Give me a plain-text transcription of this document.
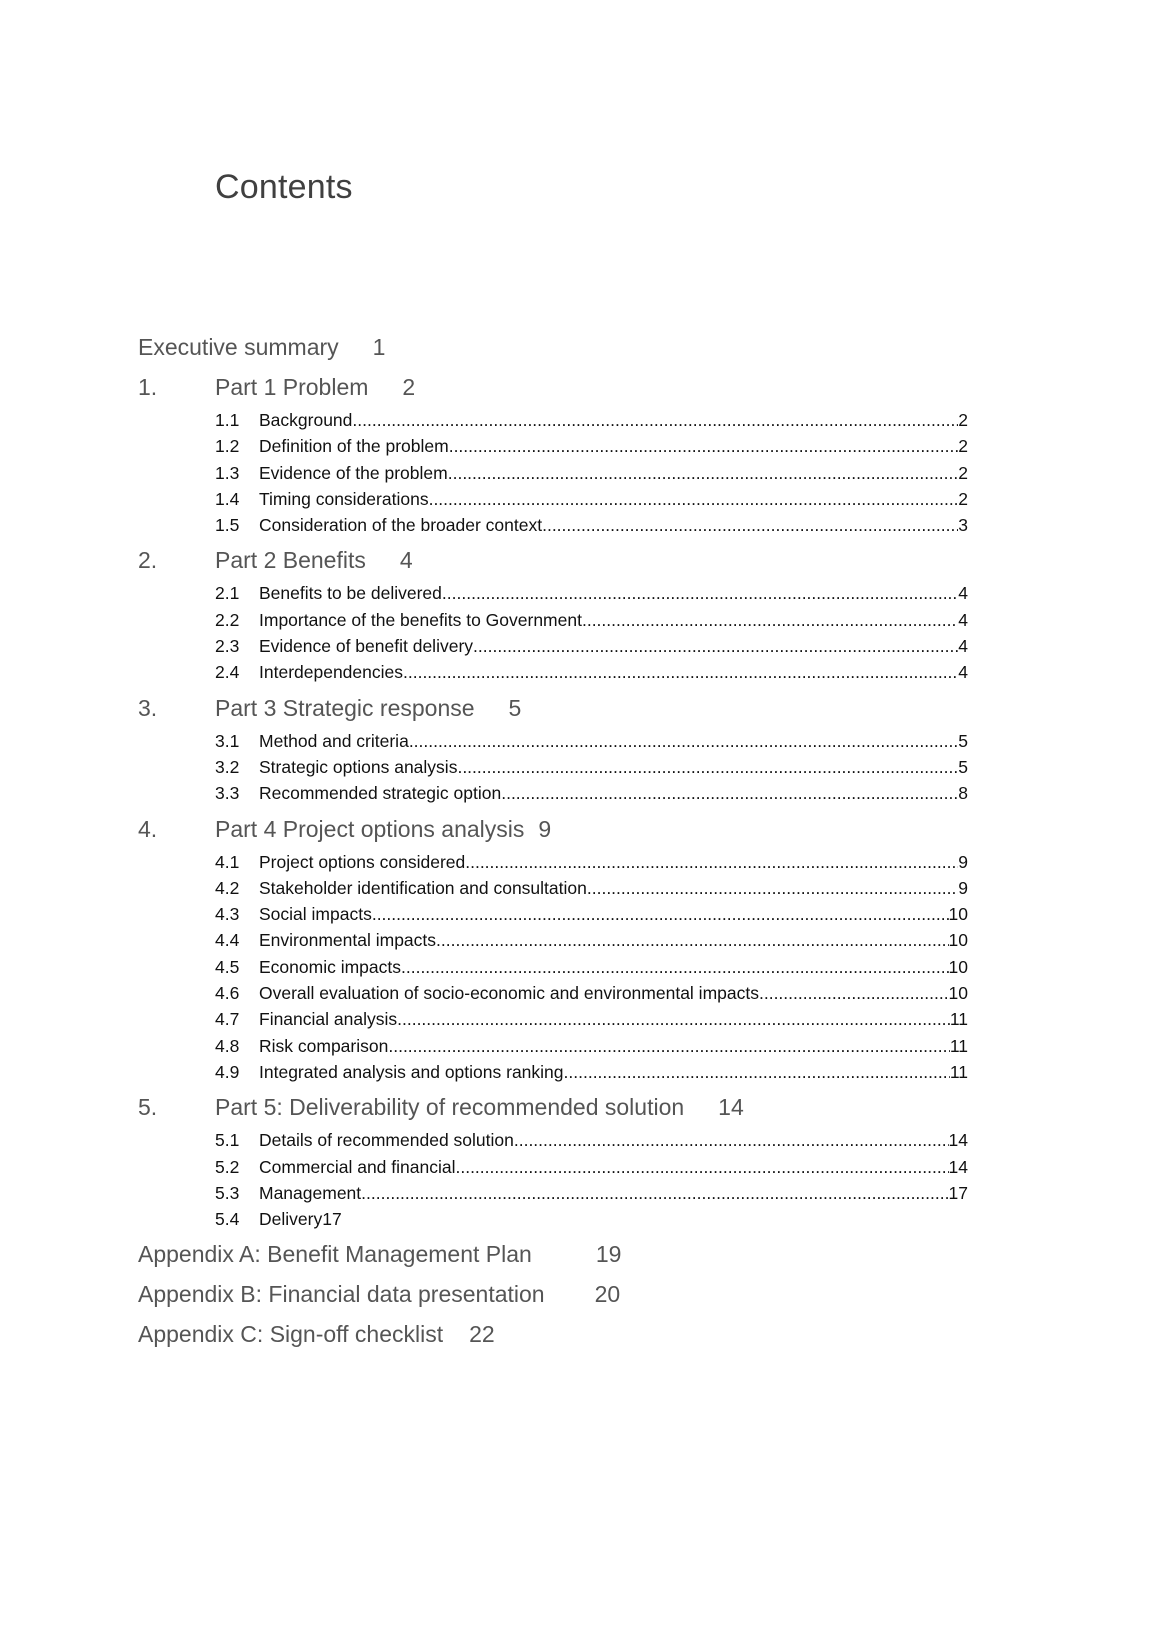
Contents
Executive summary 1
1.	Part 1 Problem 2
1.1	Background .....	2
1.2	Definition of the problem .....	2
1.3	Evidence of the problem .....	2
1.4	Timing considerations .....	2
1.5	Consideration of the broader context .....	3
2.	Part 2 Benefits 4
2.1	Benefits to be delivered .....	4
2.2	Importance of the benefits to Government .....	4
2.3	Evidence of benefit delivery .....	4
2.4	Interdependencies .....	4
3.	Part 3 Strategic response 5
3.1	Method and criteria .....	5
3.2	Strategic options analysis .....	5
3.3	Recommended strategic option .....	8
4.	Part 4 Project options analysis 9
4.1	Project options considered .....	9
4.2	Stakeholder identification and consultation .....	9
4.3	Social impacts .....	10
4.4	Environmental impacts .....	10
4.5	Economic impacts .....	10
4.6	Overall evaluation of socio-economic and environmental impacts .....	10
4.7	Financial analysis .....	11
4.8	Risk comparison .....	11
4.9	Integrated analysis and options ranking .....	11
5.	Part 5: Deliverability of recommended solution 14
5.1	Details of recommended solution .....	14
5.2	Commercial and financial .....	14
5.3	Management .....	17
5.4	Delivery 17
Appendix A: Benefit Management Plan	19
Appendix B: Financial data presentation 20
Appendix C: Sign-off checklist 22
